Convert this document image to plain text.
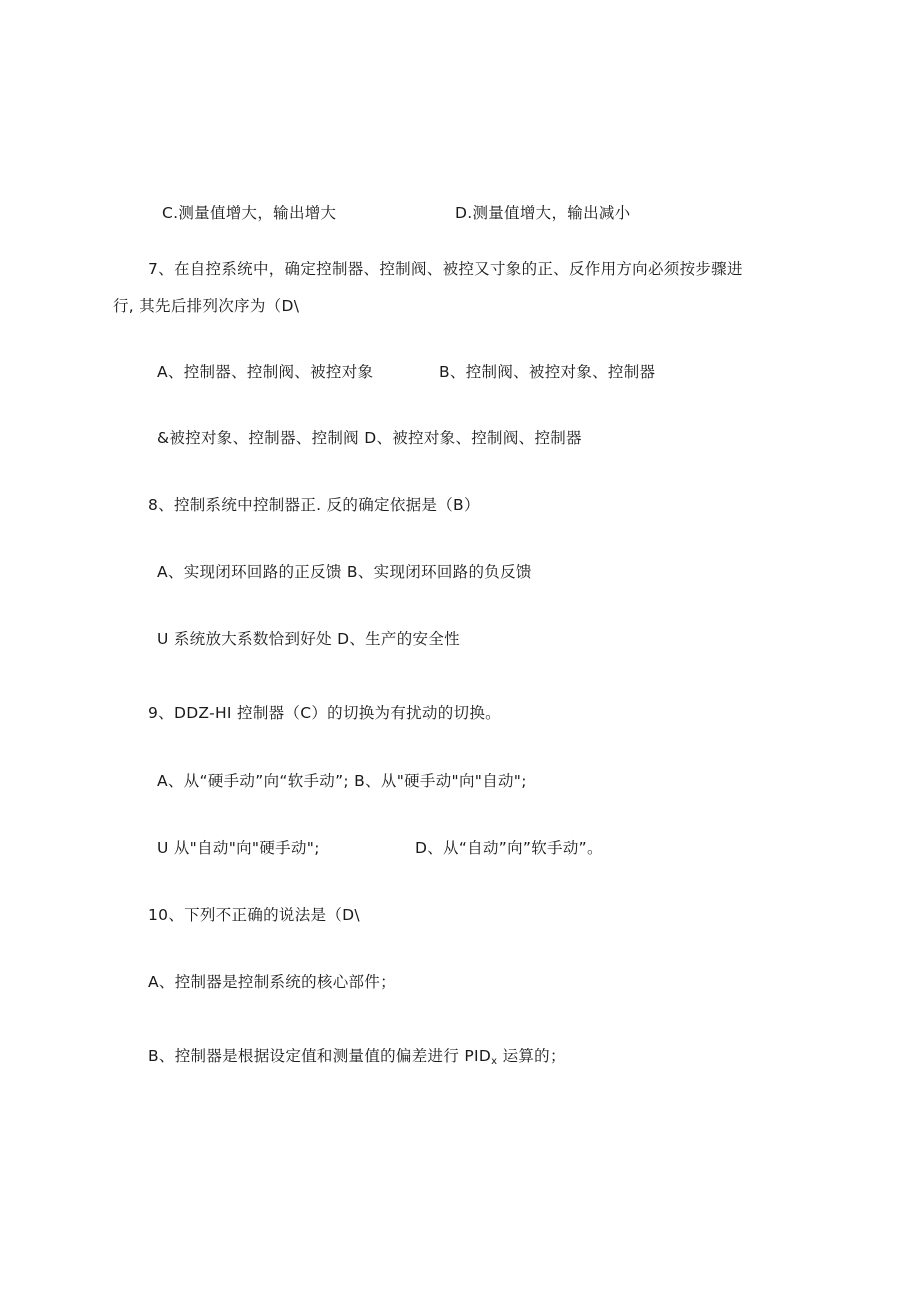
C.测量值增大，输出增大	D.测量值增大，输出减小
7、在自控系统中，确定控制器、控制阀、被控又寸象的正、反作用方向必须按步骤进
行, 其先后排列次序为（D\
A、控制器、控制阀、被控对象	B、控制阀、被控对象、控制器
&被控对象、控制器、控制阀 D、被控对象、控制阀、控制器
8、控制系统中控制器正. 反的确定依据是（B）
A、实现闭环回路的正反馈 B、实现闭环回路的负反馈
U 系统放大系数恰到好处 D、生产的安全性
9、DDZ-HI 控制器（C）的切换为有扰动的切换。
A、从“硬手动”向“软手动”; B、从"硬手动"向"自动";
U 从"自动"向"硬手动";	D、从“自动”向”软手动”。
10、下列不正确的说法是（D\
A、控制器是控制系统的核心部件；
B、控制器是根据设定值和测量值的偏差进行 $PID_x$ 运算的；
